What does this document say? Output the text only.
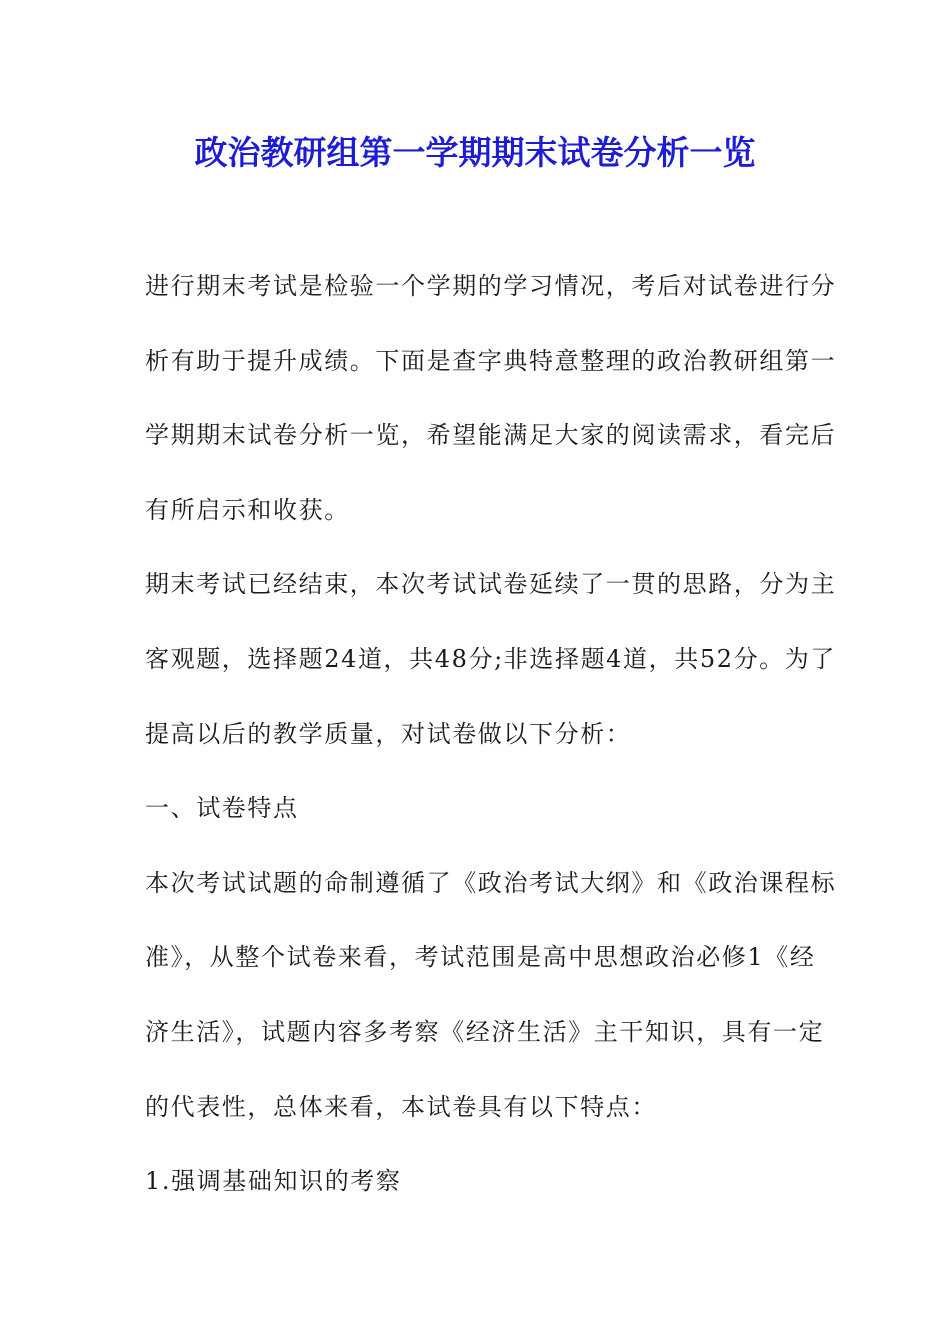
政治教研组第一学期期末试卷分析一览
进行期末考试是检验一个学期的学习情况，考后对试卷进行分
析有助于提升成绩。下面是查字典特意整理的政治教研组第一
学期期末试卷分析一览，希望能满足大家的阅读需求，看完后
有所启示和收获。
期末考试已经结束，本次考试试卷延续了一贯的思路，分为主
客观题，选择题24道，共48分;非选择题4道，共52分。为了
提高以后的教学质量，对试卷做以下分析：
一、试卷特点
本次考试试题的命制遵循了《政治考试大纲》和《政治课程标
准》，从整个试卷来看，考试范围是高中思想政治必修1《经
济生活》，试题内容多考察《经济生活》主干知识，具有一定
的代表性，总体来看，本试卷具有以下特点：
1.强调基础知识的考察
